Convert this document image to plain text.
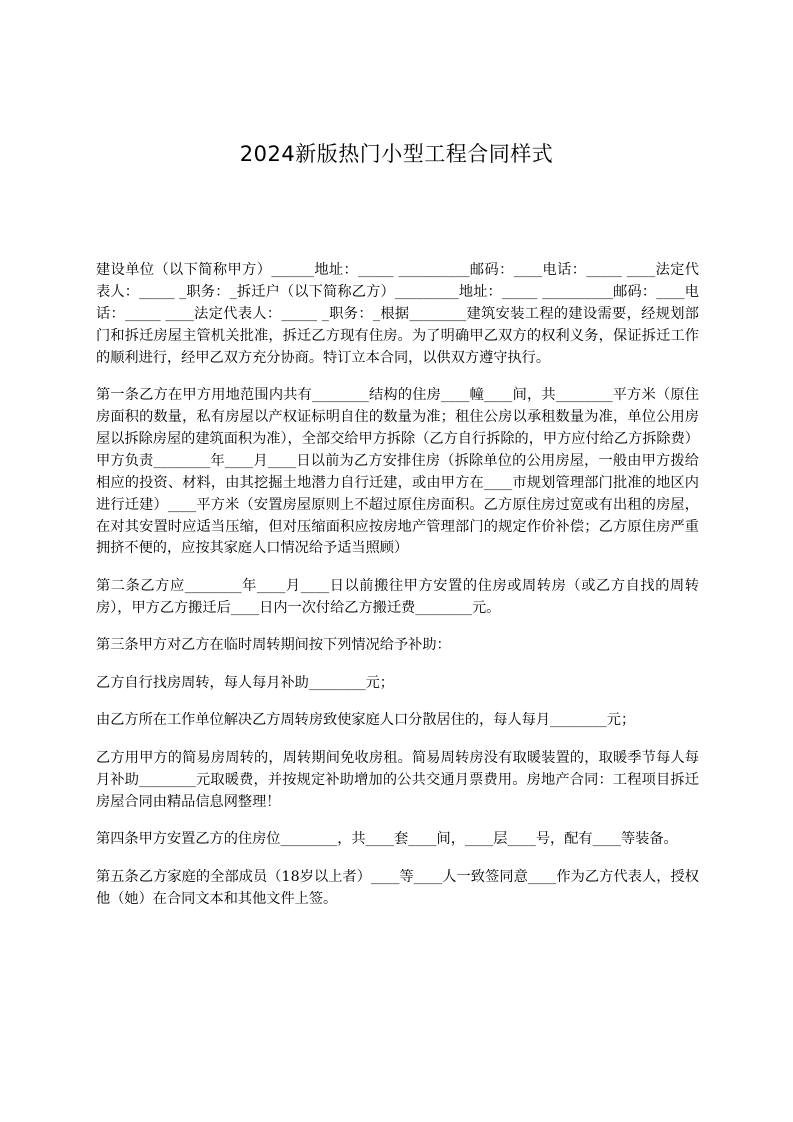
2024新版热门小型工程合同样式

建设单位（以下简称甲方）______地址：_____ __________邮码：____电话：_____ ____法定代表人：_____ _职务：_拆迁户（以下简称乙方）_________地址：_____ __________邮码：____电话：_____ ____法定代表人：_____ _职务：_根据________建筑安装工程的建设需要，经规划部门和拆迁房屋主管机关批准，拆迁乙方现有住房。为了明确甲乙双方的权利义务，保证拆迁工作的顺利进行，经甲乙双方充分协商。特订立本合同，以供双方遵守执行。

第一条乙方在甲方用地范围内共有________结构的住房____幢____间，共________平方米（原住房面积的数量，私有房屋以产权证标明自住的数量为准；租住公房以承租数量为准，单位公用房屋以拆除房屋的建筑面积为准），全部交给甲方拆除（乙方自行拆除的，甲方应付给乙方拆除费）甲方负责________年____月____日以前为乙方安排住房（拆除单位的公用房屋，一般由甲方拨给相应的投资、材料，由其挖掘土地潜力自行迁建，或由甲方在____市规划管理部门批准的地区内进行迁建）____平方米（安置房屋原则上不超过原住房面积。乙方原住房过宽或有出租的房屋，在对其安置时应适当压缩，但对压缩面积应按房地产管理部门的规定作价补偿；乙方原住房严重拥挤不便的，应按其家庭人口情况给予适当照顾）

第二条乙方应________年____月____日以前搬往甲方安置的住房或周转房（或乙方自找的周转房），甲方乙方搬迁后____日内一次付给乙方搬迁费________元。

第三条甲方对乙方在临时周转期间按下列情况给予补助：

乙方自行找房周转，每人每月补助________元；

由乙方所在工作单位解决乙方周转房致使家庭人口分散居住的，每人每月________元；

乙方用甲方的简易房周转的，周转期间免收房租。简易周转房没有取暖装置的，取暖季节每人每月补助________元取暖费，并按规定补助增加的公共交通月票费用。房地产合同：工程项目拆迁房屋合同由精品信息网整理！

第四条甲方安置乙方的住房位________，共____套____间，____层____号，配有____等装备。

第五条乙方家庭的全部成员（18岁以上者）____等____人一致签同意____作为乙方代表人，授权他（她）在合同文本和其他文件上签。
